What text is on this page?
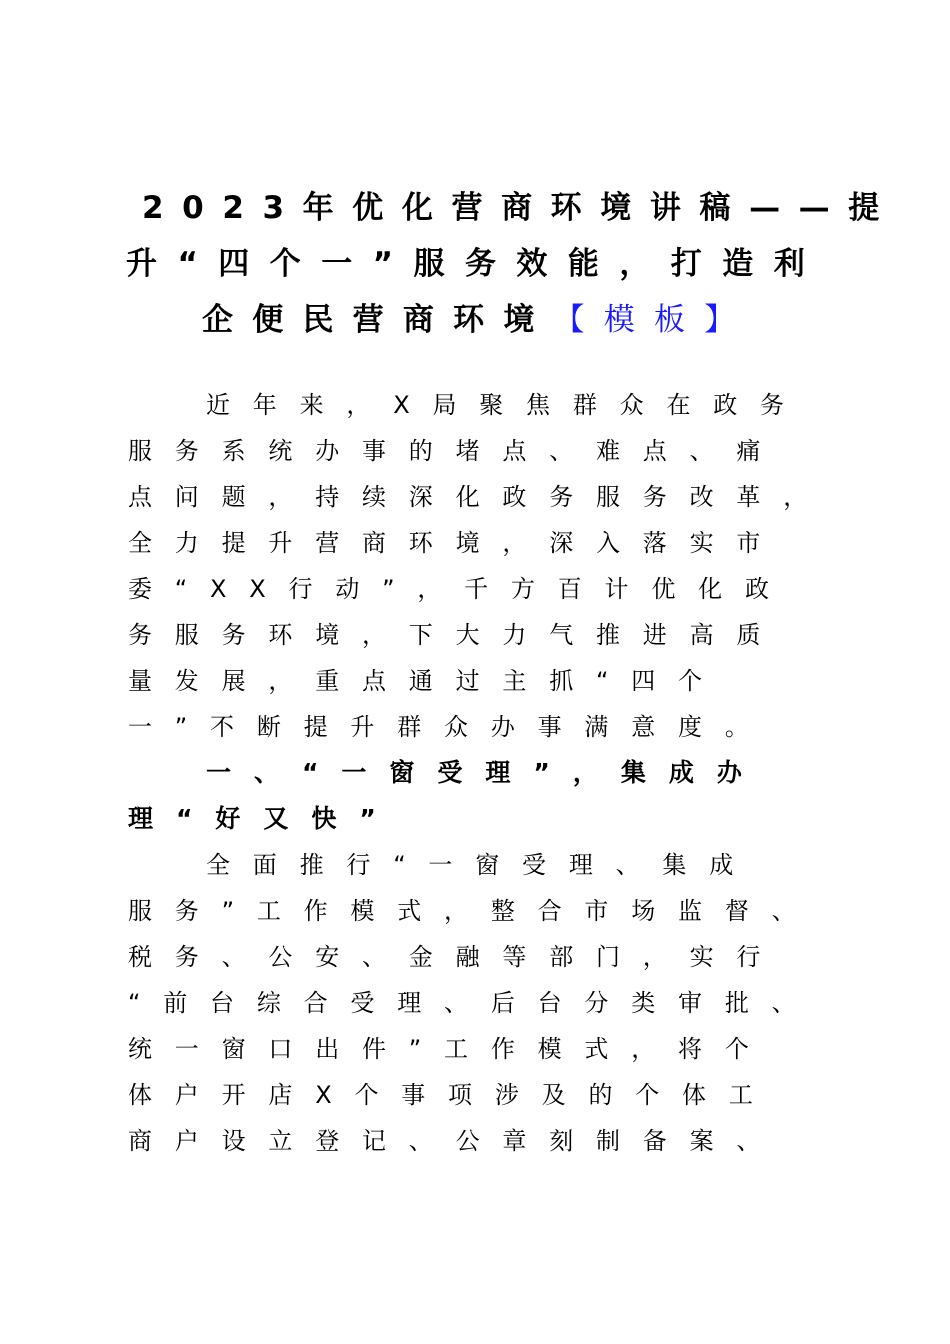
2023年优化营商环境讲稿——提
升“四个一”服务效能，打造利
企便民营商环境【模板】
近年来，X局聚焦群众在政务
服务系统办事的堵点、难点、痛
点问题，持续深化政务服务改革，
全力提升营商环境，深入落实市
委“XX行动”，千方百计优化政
务服务环境，下大力气推进高质
量发展，重点通过主抓“四个
一”不断提升群众办事满意度。
一、“一窗受理”，集成办
理“好又快”
全面推行“一窗受理、集成
服务”工作模式，整合市场监督、
税务、公安、金融等部门，实行
“前台综合受理、后台分类审批、
统一窗口出件”工作模式，将个
体户开店X个事项涉及的个体工
商户设立登记、公章刻制备案、
